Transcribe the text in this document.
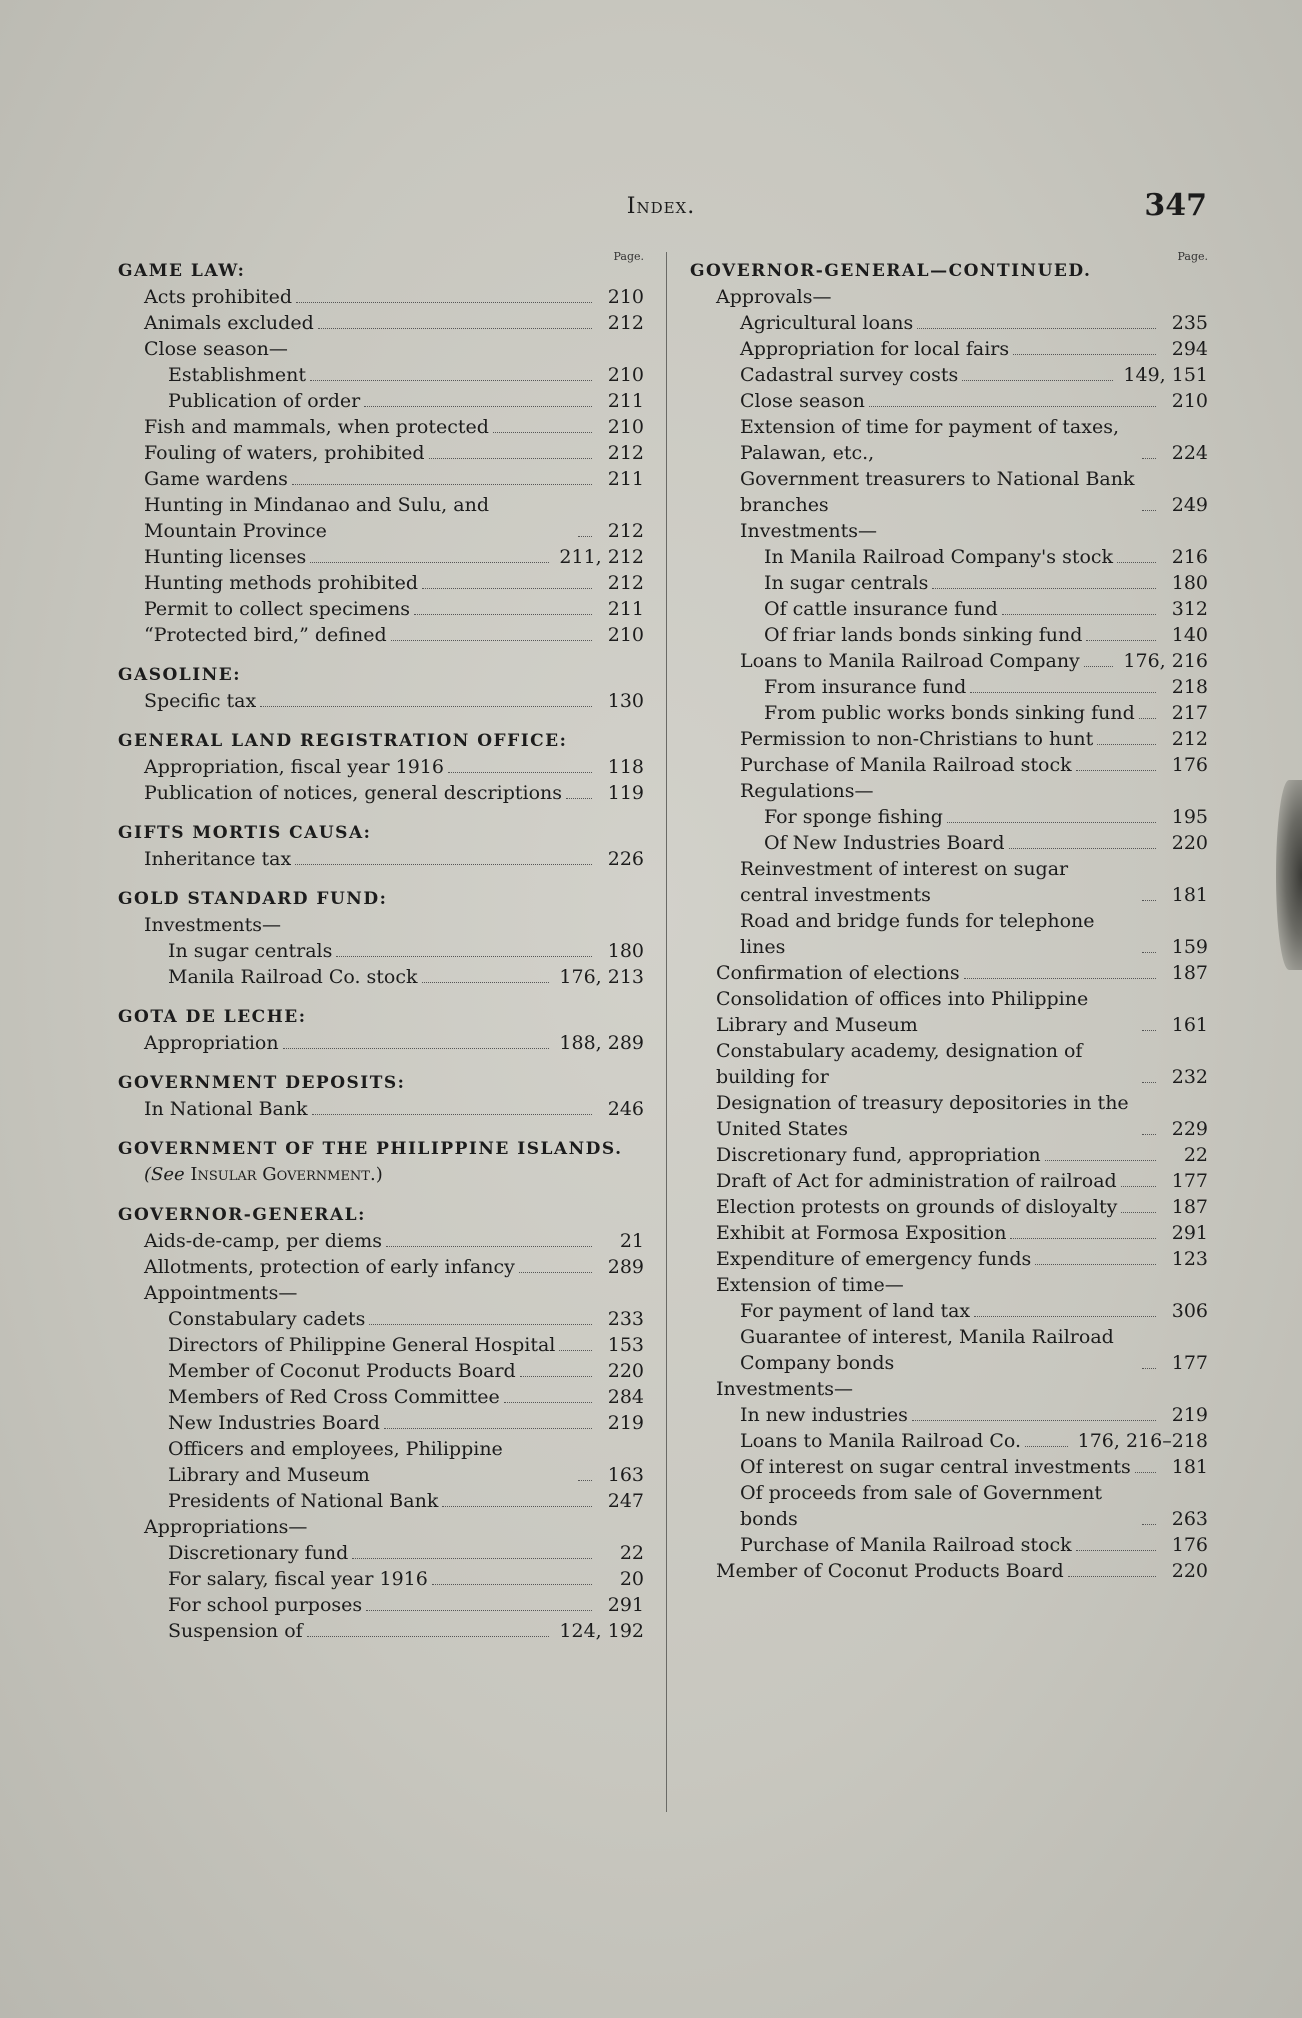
Index.	347
Page.
GAME LAW:
Acts prohibited	210
Animals excluded	212
Close season—
Establishment	210
Publication of order	211
Fish and mammals, when protected	210
Fouling of waters, prohibited	212
Game wardens	211
Hunting in Mindanao and Sulu, and Mountain Province	212
Hunting licenses	211, 212
Hunting methods prohibited	212
Permit to collect specimens	211
“Protected bird,” defined	210
GASOLINE:
Specific tax	130
GENERAL LAND REGISTRATION OFFICE:
Appropriation, fiscal year 1916	118
Publication of notices, general descriptions	119
GIFTS MORTIS CAUSA:
Inheritance tax	226
GOLD STANDARD FUND:
Investments—
In sugar centrals	180
Manila Railroad Co. stock	176, 213
GOTA DE LECHE:
Appropriation	188, 289
GOVERNMENT DEPOSITS:
In National Bank	246
GOVERNMENT OF THE PHILIPPINE ISLANDS.
(See Insular Government.)
GOVERNOR-GENERAL:
Aids-de-camp, per diems	21
Allotments, protection of early infancy	289
Appointments—
Constabulary cadets	233
Directors of Philippine General Hospital	153
Member of Coconut Products Board	220
Members of Red Cross Committee	284
New Industries Board	219
Officers and employees, Philippine Library and Museum	163
Presidents of National Bank	247
Appropriations—
Discretionary fund	22
For salary, fiscal year 1916	20
For school purposes	291
Suspension of	124, 192
Page.
GOVERNOR-GENERAL—CONTINUED.
Approvals—
Agricultural loans	235
Appropriation for local fairs	294
Cadastral survey costs	149, 151
Close season	210
Extension of time for payment of taxes, Palawan, etc.,	224
Government treasurers to National Bank branches	249
Investments—
In Manila Railroad Company's stock	216
In sugar centrals	180
Of cattle insurance fund	312
Of friar lands bonds sinking fund	140
Loans to Manila Railroad Company	176, 216
From insurance fund	218
From public works bonds sinking fund	217
Permission to non-Christians to hunt	212
Purchase of Manila Railroad stock	176
Regulations—
For sponge fishing	195
Of New Industries Board	220
Reinvestment of interest on sugar central investments	181
Road and bridge funds for telephone lines	159
Confirmation of elections	187
Consolidation of offices into Philippine Library and Museum	161
Constabulary academy, designation of building for	232
Designation of treasury depositories in the United States	229
Discretionary fund, appropriation	22
Draft of Act for administration of railroad	177
Election protests on grounds of disloyalty	187
Exhibit at Formosa Exposition	291
Expenditure of emergency funds	123
Extension of time—
For payment of land tax	306
Guarantee of interest, Manila Railroad Company bonds	177
Investments—
In new industries	219
Loans to Manila Railroad Co.	176, 216–218
Of interest on sugar central investments	181
Of proceeds from sale of Government bonds	263
Purchase of Manila Railroad stock	176
Member of Coconut Products Board	220
